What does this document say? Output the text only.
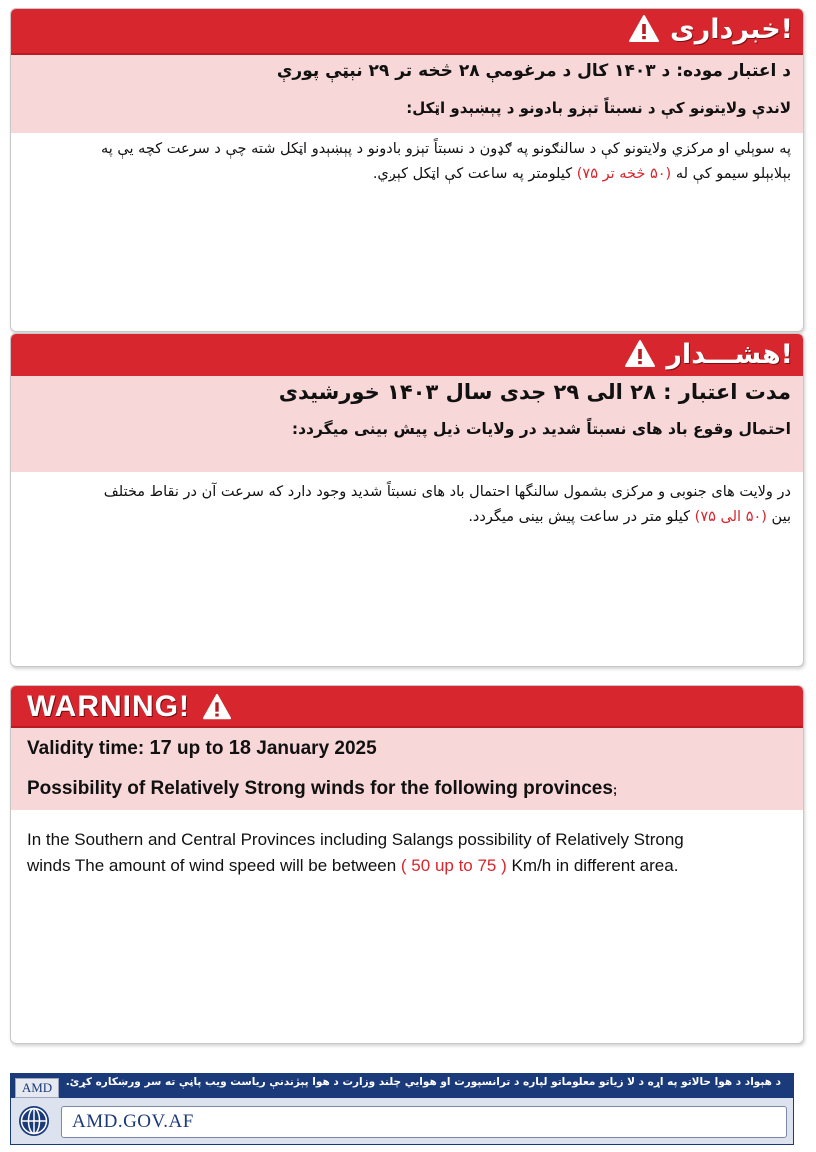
خبرداری!
د اعتبار موده: د ۱۴۰۳ کال د مرغومې ۲۸ څخه تر ۲۹ نېټې پورې
لاندې ولایتونو کې د نسبتاً تېزو بادونو د پېښېدو اټکل:
په سوېلي او مرکزي ولایتونو کې د سالنګونو په ګډون د نسبتاً تېزو بادونو د پېښېدو اټکل شته چې د سرعت کچه یې په
بېلابېلو سیمو کې له (۵۰ څخه تر ۷۵) کیلومتر په ساعت کې اټکل کېږي.
هشـــدار!
مدت اعتبار : ۲۸ الی ۲۹ جدی سال ۱۴۰۳ خورشیدی
احتمال وقوع باد های نسبتاً شدید در ولایات ذیل پیش بینی میگردد:
در ولایت های جنوبی و مرکزی بشمول سالنگها احتمال باد های نسبتاً شدید وجود دارد که سرعت آن در نقاط مختلف
بین (۵۰ الی ۷۵) کیلو متر در ساعت پیش بینی میگردد.
WARNING!
Validity time: 17 up to 18 January 2025
Possibility of Relatively Strong winds for the following provinces;
In the Southern and Central Provinces including Salangs possibility of Relatively Strong
winds The amount of wind speed will be between ( 50 up to 75 ) Km/h in different area.
د هېواد د هوا حالاتو په اړه د لا زیاتو معلوماتو لپاره د ترانسپورت او هوایي چلند وزارت د هوا پېژندنې ریاست ویب پاڼې ته سر ورښکاره کړئ.
AMD
AMD.GOV.AF
